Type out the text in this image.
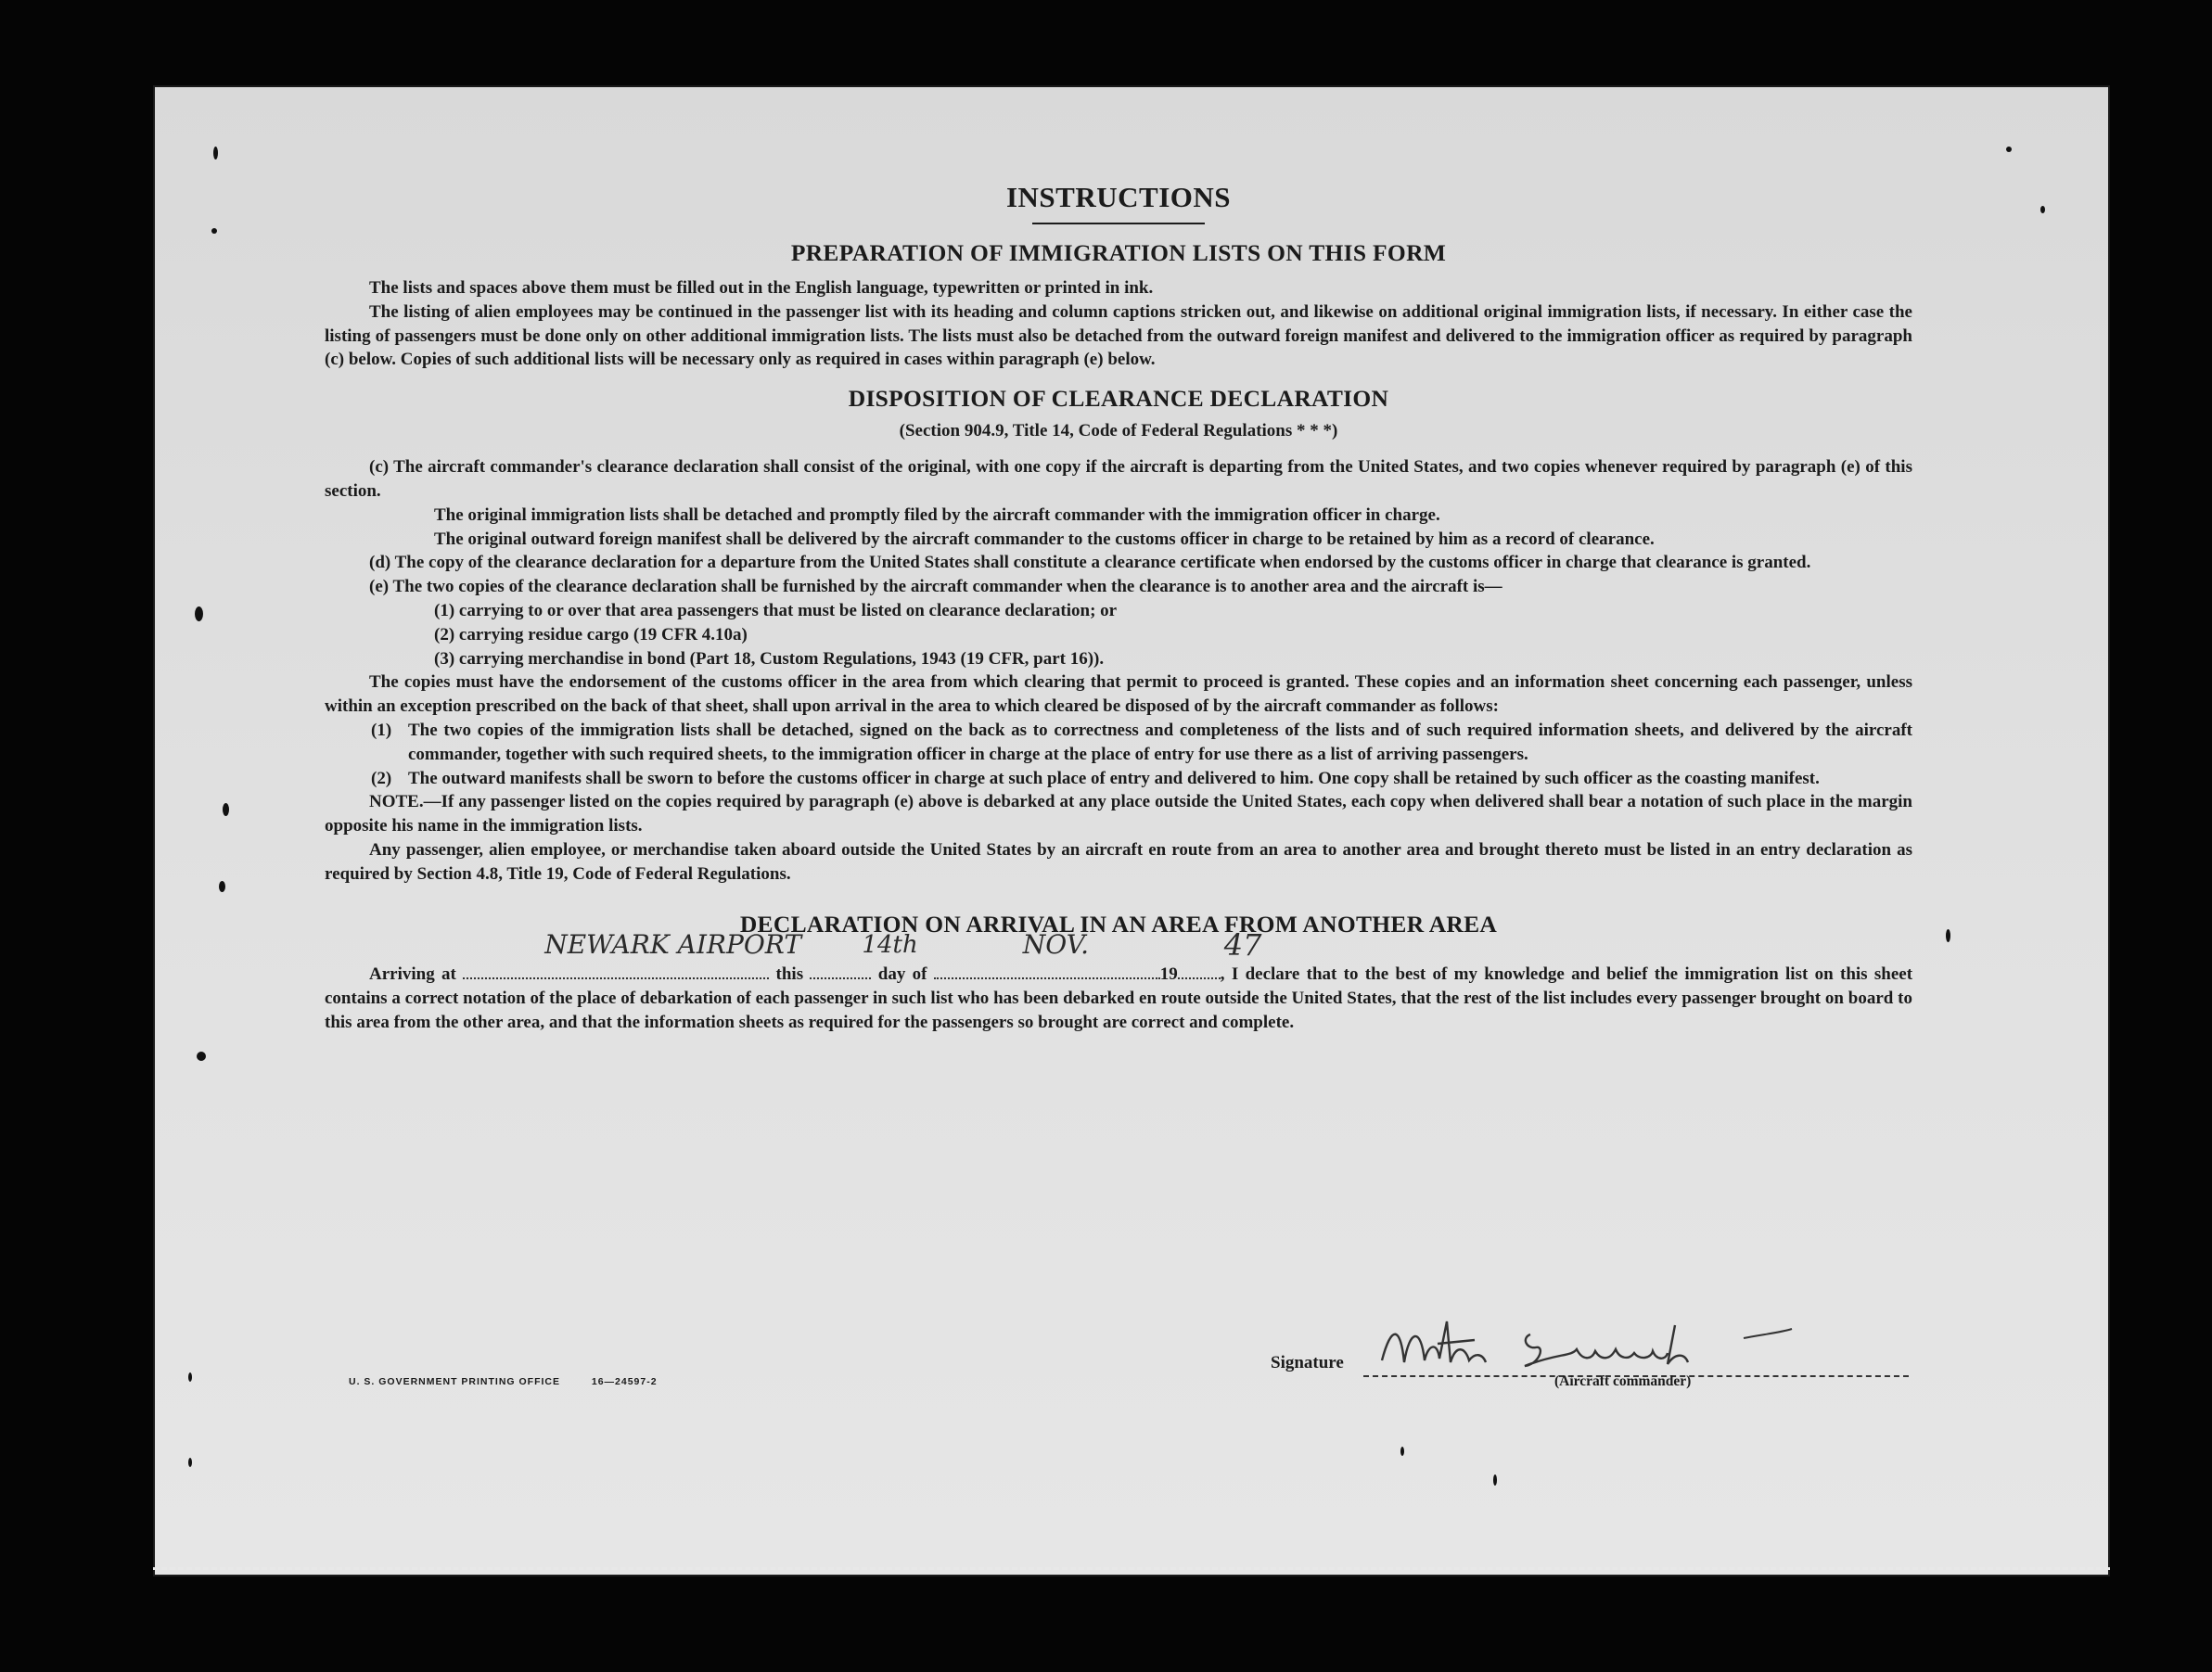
INSTRUCTIONS
PREPARATION OF IMMIGRATION LISTS ON THIS FORM

The lists and spaces above them must be filled out in the English language, typewritten or printed in ink.

The listing of alien employees may be continued in the passenger list with its heading and column captions stricken out, and likewise on additional original immigration lists, if necessary. In either case the listing of passengers must be done only on other additional immigration lists. The lists must also be detached from the outward foreign manifest and delivered to the immigration officer as required by paragraph (c) below. Copies of such additional lists will be necessary only as required in cases within paragraph (e) below.

DISPOSITION OF CLEARANCE DECLARATION
(Section 904.9, Title 14, Code of Federal Regulations * * *)

(c) The aircraft commander's clearance declaration shall consist of the original, with one copy if the aircraft is departing from the United States, and two copies whenever required by paragraph (e) of this section.

The original immigration lists shall be detached and promptly filed by the aircraft commander with the immigration officer in charge.

The original outward foreign manifest shall be delivered by the aircraft commander to the customs officer in charge to be retained by him as a record of clearance.

(d) The copy of the clearance declaration for a departure from the United States shall constitute a clearance certificate when endorsed by the customs officer in charge that clearance is granted.

(e) The two copies of the clearance declaration shall be furnished by the aircraft commander when the clearance is to another area and the aircraft is—

(1) carrying to or over that area passengers that must be listed on clearance declaration; or

(2) carrying residue cargo (19 CFR 4.10a)

(3) carrying merchandise in bond (Part 18, Custom Regulations, 1943 (19 CFR, part 16)).

The copies must have the endorsement of the customs officer in the area from which clearing that permit to proceed is granted. These copies and an information sheet concerning each passenger, unless within an exception prescribed on the back of that sheet, shall upon arrival in the area to which cleared be disposed of by the aircraft commander as follows:

(1) The two copies of the immigration lists shall be detached, signed on the back as to correctness and completeness of the lists and of such required information sheets, and delivered by the aircraft commander, together with such required sheets, to the immigration officer in charge at the place of entry for use there as a list of arriving passengers.
(2) The outward manifests shall be sworn to before the customs officer in charge at such place of entry and delivered to him. One copy shall be retained by such officer as the coasting manifest.

NOTE.—If any passenger listed on the copies required by paragraph (e) above is debarked at any place outside the United States, each copy when delivered shall bear a notation of such place in the margin opposite his name in the immigration lists.

Any passenger, alien employee, or merchandise taken aboard outside the United States by an aircraft en route from an area to another area and brought thereto must be listed in an entry declaration as required by Section 4.8, Title 19, Code of Federal Regulations.

DECLARATION ON ARRIVAL IN AN AREA FROM ANOTHER AREA

Arriving at
NEWARK AIRPORT
this
14th
day of
NOV.
19
47
, I declare that to the best of my knowledge and belief the immigration list on this sheet contains a correct notation of the place of debarkation of each passenger in such list who has been debarked en route outside the United States, that the rest of the list includes every passenger brought on board to this area from the other area, and that the information sheets as required for the passengers so brought are correct and complete.

Signature
(Aircraft commander)
U. S. GOVERNMENT PRINTING OFFICE	16—24597-2
